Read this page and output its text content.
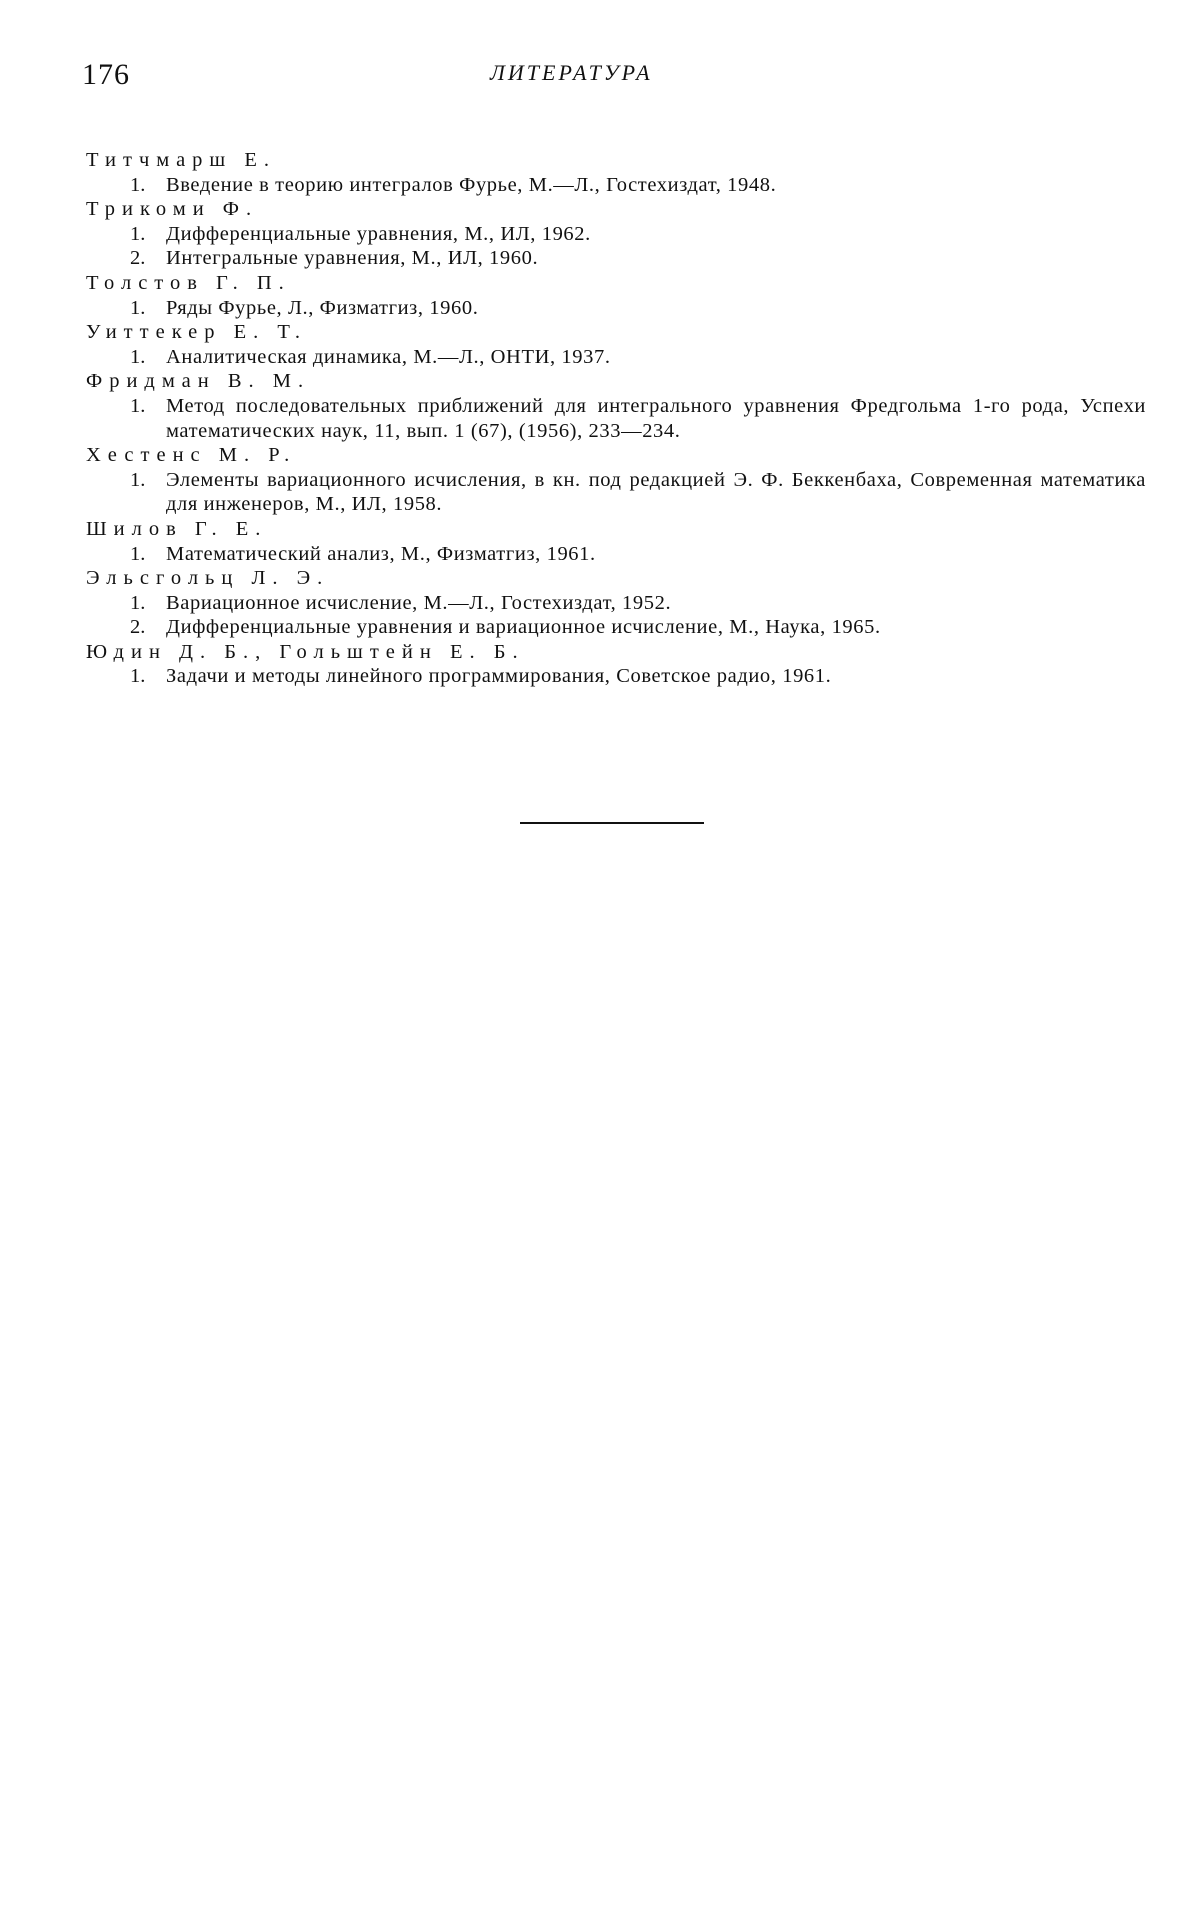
176	ЛИТЕРАТУРА
Титчмарш Е.
1.	Введение в теорию интегралов Фурье, М.—Л., Гостехиздат, 1948.
Трикоми Ф.
1.	Дифференциальные уравнения, М., ИЛ, 1962.
2.	Интегральные уравнения, М., ИЛ, 1960.
Толстов Г. П.
1.	Ряды Фурье, Л., Физматгиз, 1960.
Уиттекер Е. Т.
1.	Аналитическая динамика, М.—Л., ОНТИ, 1937.
Фридман В. М.
1.	Метод последовательных приближений для интегрального уравнения Фредгольма 1-го рода, Успехи математических наук, 11, вып. 1 (67), (1956), 233—234.
Хестенс М. Р.
1.	Элементы вариационного исчисления, в кн. под редакцией Э. Ф. Беккенбаха, Современная математика для инженеров, М., ИЛ, 1958.
Шилов Г. Е.
1.	Математический анализ, М., Физматгиз, 1961.
Эльсгольц Л. Э.
1.	Вариационное исчисление, М.—Л., Гостехиздат, 1952.
2.	Дифференциальные уравнения и вариационное исчисление, М., Наука, 1965.
Юдин Д. Б., Гольштейн Е. Б.
1.	Задачи и методы линейного программирования, Советское радио, 1961.
